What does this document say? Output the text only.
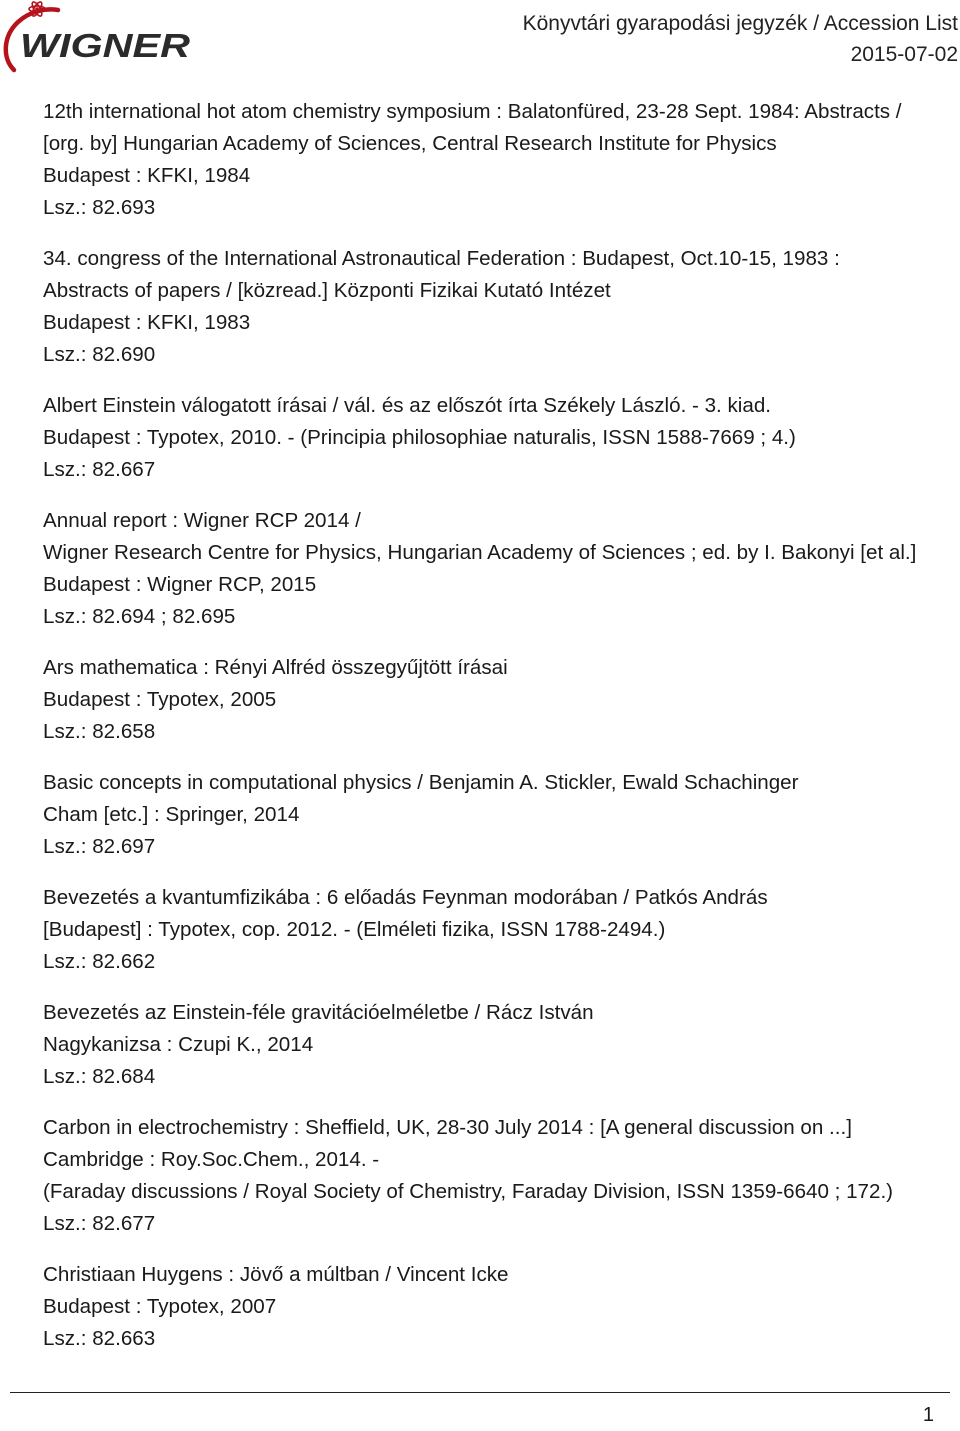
WIGNER
Könyvtári gyarapodási jegyzék / Accession List
2015-07-02
12th international hot atom chemistry symposium : Balatonfüred, 23-28 Sept. 1984: Abstracts /
[org. by] Hungarian Academy of Sciences, Central Research Institute for Physics
Budapest : KFKI, 1984
Lsz.: 82.693
34. congress of the International Astronautical Federation : Budapest, Oct.10-15, 1983 :
Abstracts of papers / [közread.] Központi Fizikai Kutató Intézet
Budapest : KFKI, 1983
Lsz.: 82.690
Albert Einstein válogatott írásai / vál. és az előszót írta Székely László. - 3. kiad.
Budapest : Typotex, 2010. - (Principia philosophiae naturalis, ISSN 1588-7669 ; 4.)
Lsz.: 82.667
Annual report : Wigner RCP 2014 /
Wigner Research Centre for Physics, Hungarian Academy of Sciences ; ed. by I. Bakonyi [et al.]
Budapest : Wigner RCP, 2015
Lsz.: 82.694 ; 82.695
Ars mathematica : Rényi Alfréd összegyűjtött írásai
Budapest : Typotex, 2005
Lsz.: 82.658
Basic concepts in computational physics / Benjamin A. Stickler, Ewald Schachinger
Cham [etc.] : Springer, 2014
Lsz.: 82.697
Bevezetés a kvantumfizikába : 6 előadás Feynman modorában / Patkós András
[Budapest] : Typotex, cop. 2012. - (Elméleti fizika, ISSN 1788-2494.)
Lsz.: 82.662
Bevezetés az Einstein-féle gravitációelméletbe / Rácz István
Nagykanizsa : Czupi K., 2014
Lsz.: 82.684
Carbon in electrochemistry : Sheffield, UK, 28-30 July 2014 : [A general discussion on ...]
Cambridge : Roy.Soc.Chem., 2014. -
(Faraday discussions / Royal Society of Chemistry, Faraday Division, ISSN 1359-6640 ; 172.)
Lsz.: 82.677
Christiaan Huygens : Jövő a múltban / Vincent Icke
Budapest : Typotex, 2007
Lsz.: 82.663
1
